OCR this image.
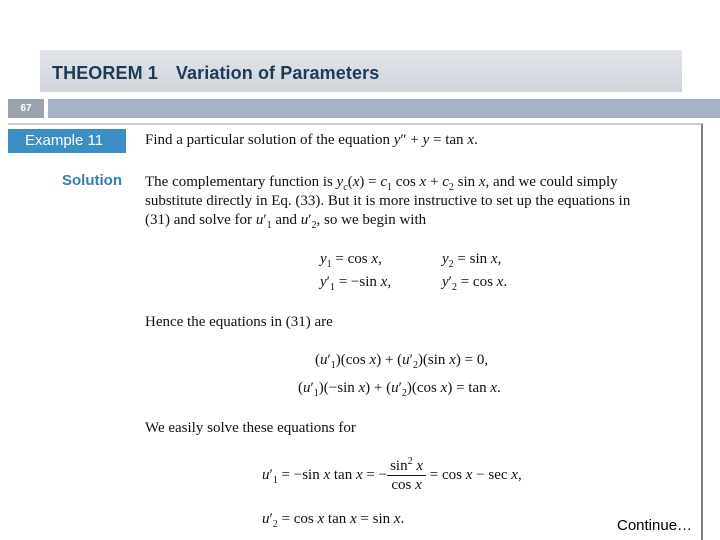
THEOREM 1 Variation of Parameters
67
Example 11	Find a particular solution of the equation y″ + y = tan x.
Solution The complementary function is $y_c(x) = c_1$ $\cos x + c_2$ sin x, and we could simply
substitute directly in Eq. (33). But it is more instructive to set up the equations in
(31) and solve for $u'_1$ and $u'_2$, so we begin with
$y_1 = \cos x$,	$y_2 = \sin x$,
$y'_1 = -\sin$ x,	$y'_2 = \cos x$.
Hence the equations in (31) are
$(u'_1)(\cos$ $x) + (u'_2)(\sin$ x) = 0,
$(u'_1)(-\sin$ $x) + (u'_2)(\cos$ x) = tan x.
We easily solve these equations for
$u'_1 = -\sin$ x tan x = − $\frac{\sin^2 x}{\text{cos x}} = \cos x - \sec x$,
$u'_2 = \cos x$ tan x = sin x.	Continue…
